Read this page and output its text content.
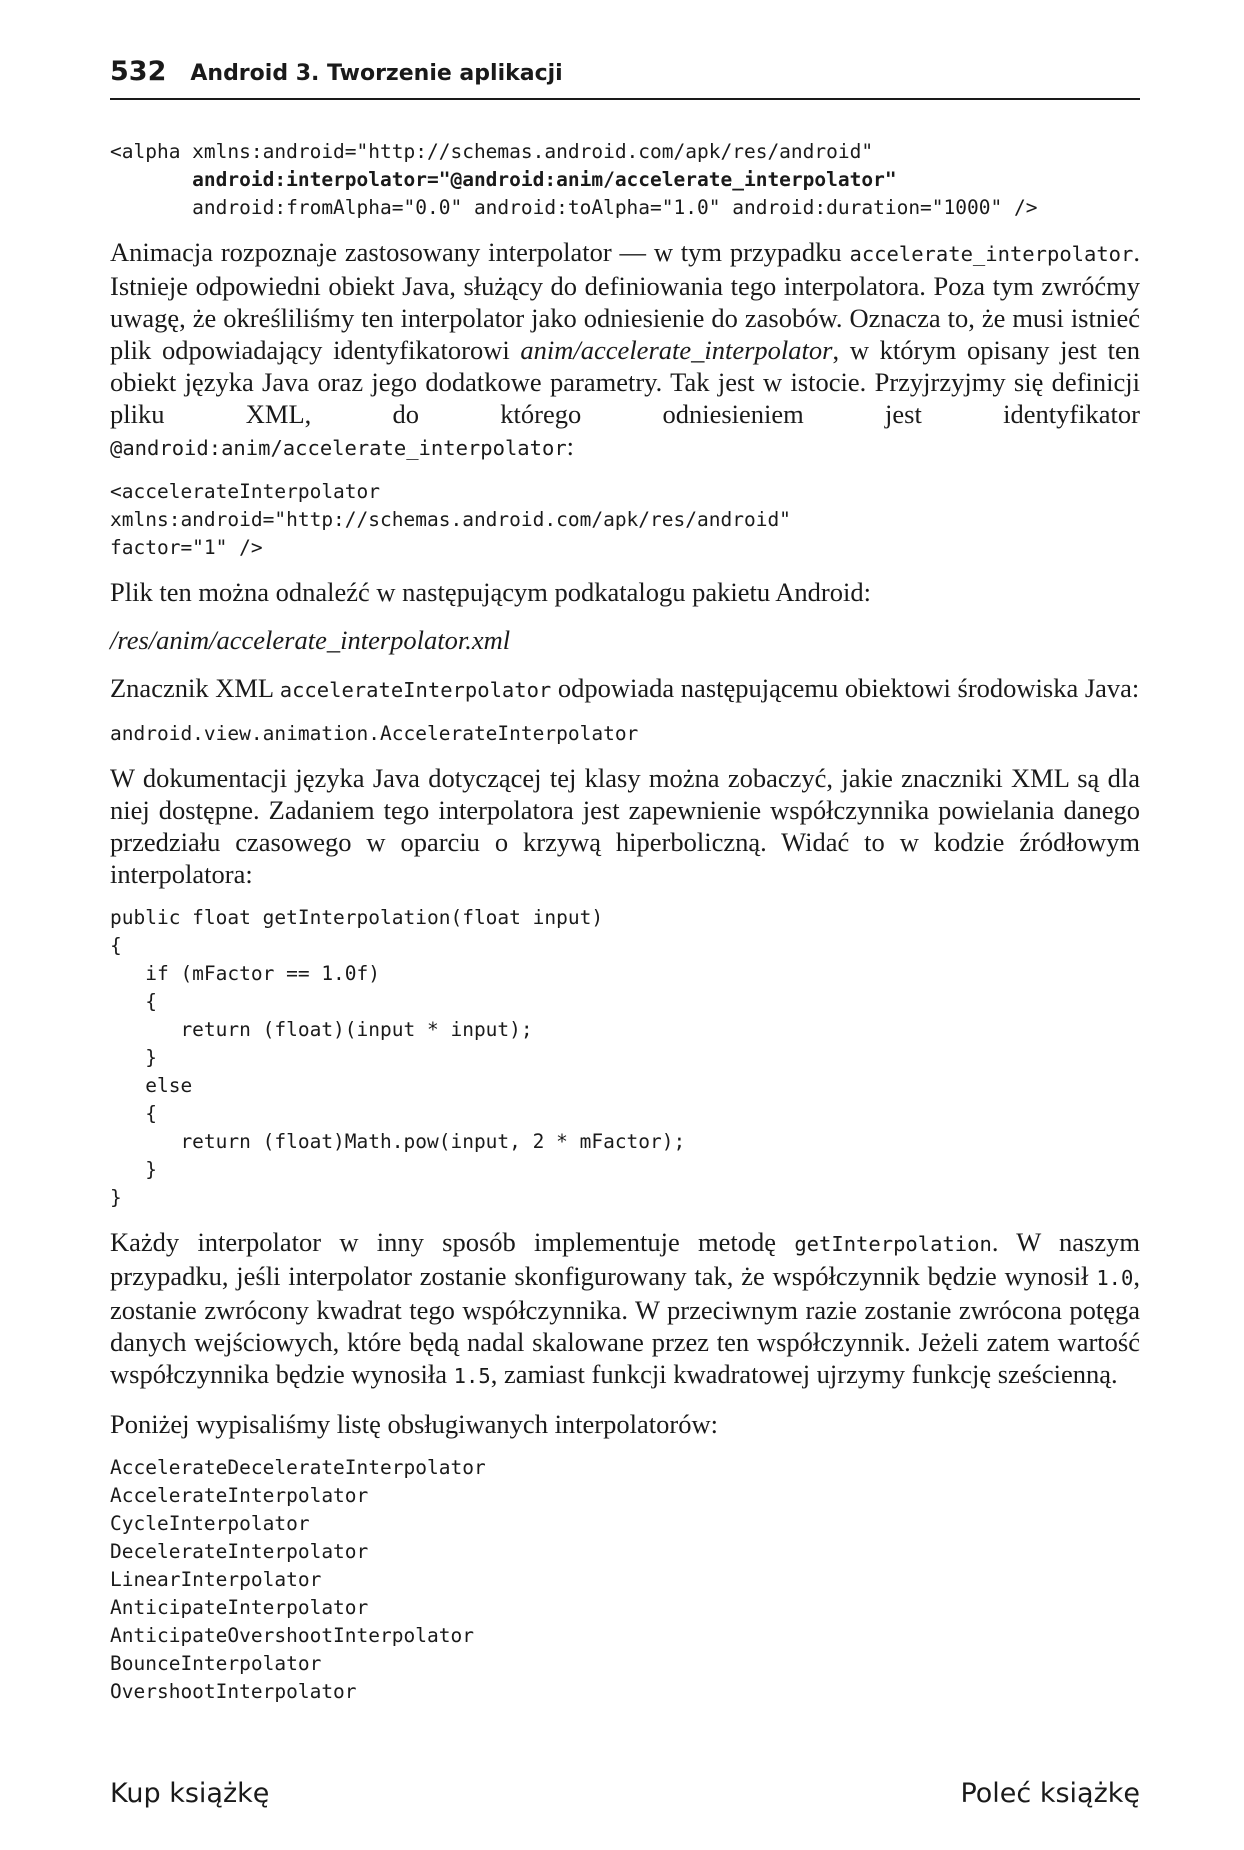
532 Android 3. Tworzenie aplikacji
<alpha xmlns:android="http://schemas.android.com/apk/res/android"
android:interpolator="@android:anim/accelerate_interpolator"
android:fromAlpha="0.0" android:toAlpha="1.0" android:duration="1000" />

Animacja rozpoznaje zastosowany interpolator — w tym przypadku accelerate_interpolator. Istnieje odpowiedni obiekt Java, służący do definiowania tego interpolatora. Poza tym zwróćmy uwagę, że określiliśmy ten interpolator jako odniesienie do zasobów. Oznacza to, że musi istnieć plik odpowiadający identyfikatorowi anim/accelerate_interpolator, w którym opisany jest ten obiekt języka Java oraz jego dodatkowe parametry. Tak jest w istocie. Przyjrzyjmy się definicji pliku XML, do którego odniesieniem jest identyfikator @android:anim/accelerate_interpolator:

<accelerateInterpolator
xmlns:android="http://schemas.android.com/apk/res/android"
factor="1" />

Plik ten można odnaleźć w następującym podkatalogu pakietu Android:

/res/anim/accelerate_interpolator.xml

Znacznik XML accelerateInterpolator odpowiada następującemu obiektowi środowiska Java:

android.view.animation.AccelerateInterpolator

W dokumentacji języka Java dotyczącej tej klasy można zobaczyć, jakie znaczniki XML są dla niej dostępne. Zadaniem tego interpolatora jest zapewnienie współczynnika powielania danego przedziału czasowego w oparciu o krzywą hiperboliczną. Widać to w kodzie źródłowym interpolatora:

public float getInterpolation(float input)
{
if (mFactor == 1.0f)
{
return (float)(input * input);
}
else
{
return (float)Math.pow(input, 2 * mFactor);
}
}

Każdy interpolator w inny sposób implementuje metodę getInterpolation. W naszym przypadku, jeśli interpolator zostanie skonfigurowany tak, że współczynnik będzie wynosił 1.0, zostanie zwrócony kwadrat tego współczynnika. W przeciwnym razie zostanie zwrócona potęga danych wejściowych, które będą nadal skalowane przez ten współczynnik. Jeżeli zatem wartość współczynnika będzie wynosiła 1.5, zamiast funkcji kwadratowej ujrzymy funkcję sześcienną.

Poniżej wypisaliśmy listę obsługiwanych interpolatorów:

AccelerateDecelerateInterpolator
AccelerateInterpolator
CycleInterpolator
DecelerateInterpolator
LinearInterpolator
AnticipateInterpolator
AnticipateOvershootInterpolator
BounceInterpolator
OvershootInterpolator
Kup książkę	Poleć książkę
